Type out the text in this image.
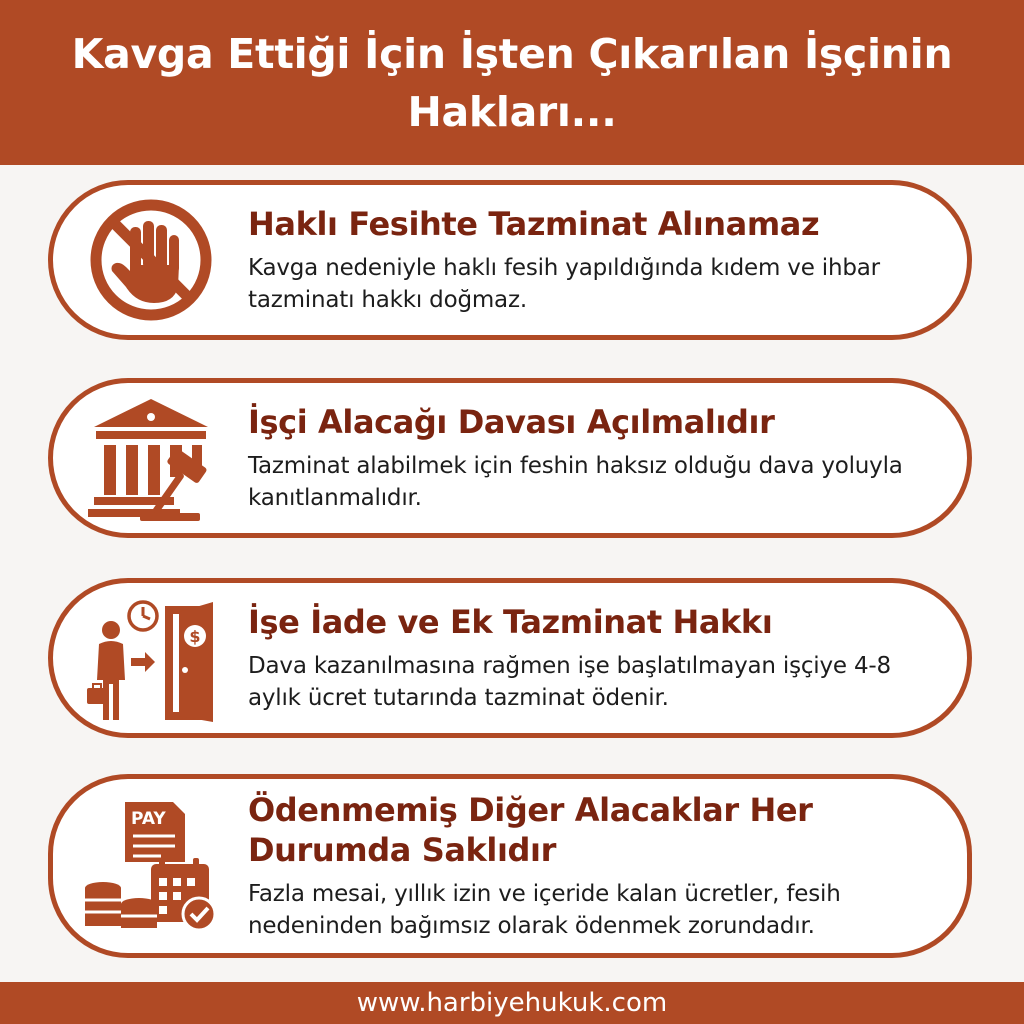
Kavga Ettiği İçin İşten Çıkarılan İşçinin Hakları...

Haklı Fesihte Tazminat Alınamaz

Kavga nedeniyle haklı fesih yapıldığında kıdem ve ihbar tazminatı hakkı doğmaz.

İşçi Alacağı Davası Açılmalıdır

Tazminat alabilmek için feshin haksız olduğu dava yoluyla kanıtlanmalıdır.

$ İşe İade ve Ek Tazminat Hakkı

Dava kazanılmasına rağmen işe başlatılmayan işçiye 4-8 aylık ücret tutarında tazminat ödenir.

PAY	Ödenmemiş Diğer Alacaklar Her Durumda Saklıdır

Fazla mesai, yıllık izin ve içeride kalan ücretler, fesih nedeninden bağımsız olarak ödenmek zorundadır.

www.harbiyehukuk.com
